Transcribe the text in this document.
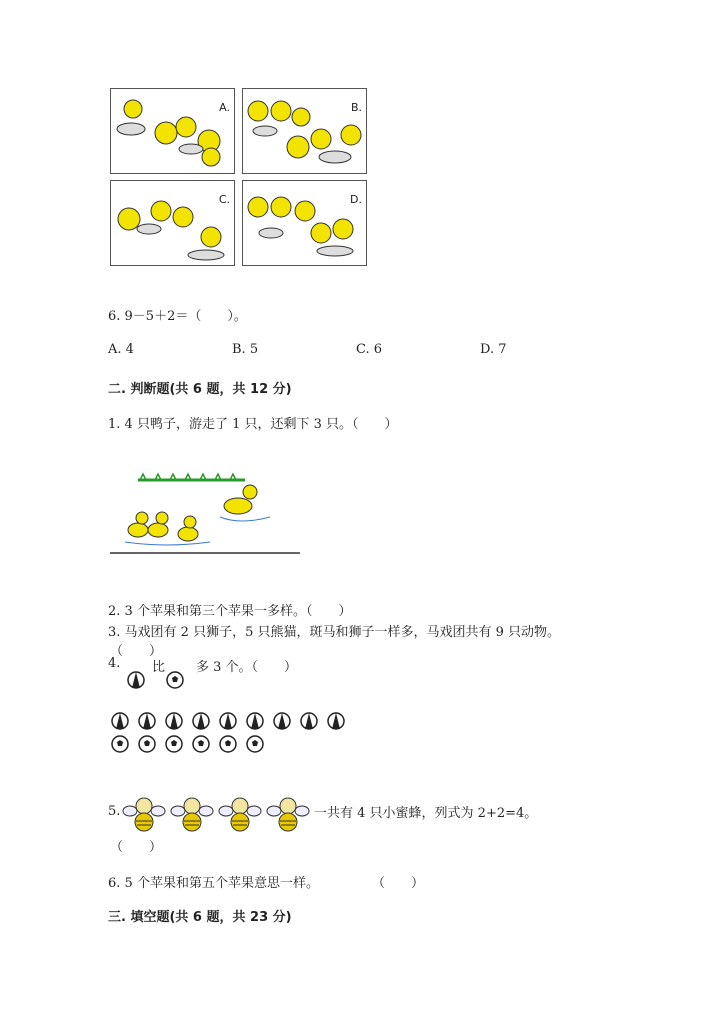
A.	B.
C.	D.
6. 9－5＋2＝（　　）。
A. 4	B. 5	C. 6	D. 7
二. 判断题(共 6 题，共 12 分)
1. 4 只鸭子，游走了 1 只，还剩下 3 只。（　　）
2. 3 个苹果和第三个苹果一多样。（　　）
3. 马戏团有 2 只狮子，5 只熊猫，斑马和狮子一样多，马戏团共有 9 只动物。
（　　）
4. 比 多 3 个。（　　）
5.	一共有 4 只小蜜蜂，列式为 2+2=4。
（　　）
6. 5 个苹果和第五个苹果意思一样。	（　　）
三. 填空题(共 6 题，共 23 分)
